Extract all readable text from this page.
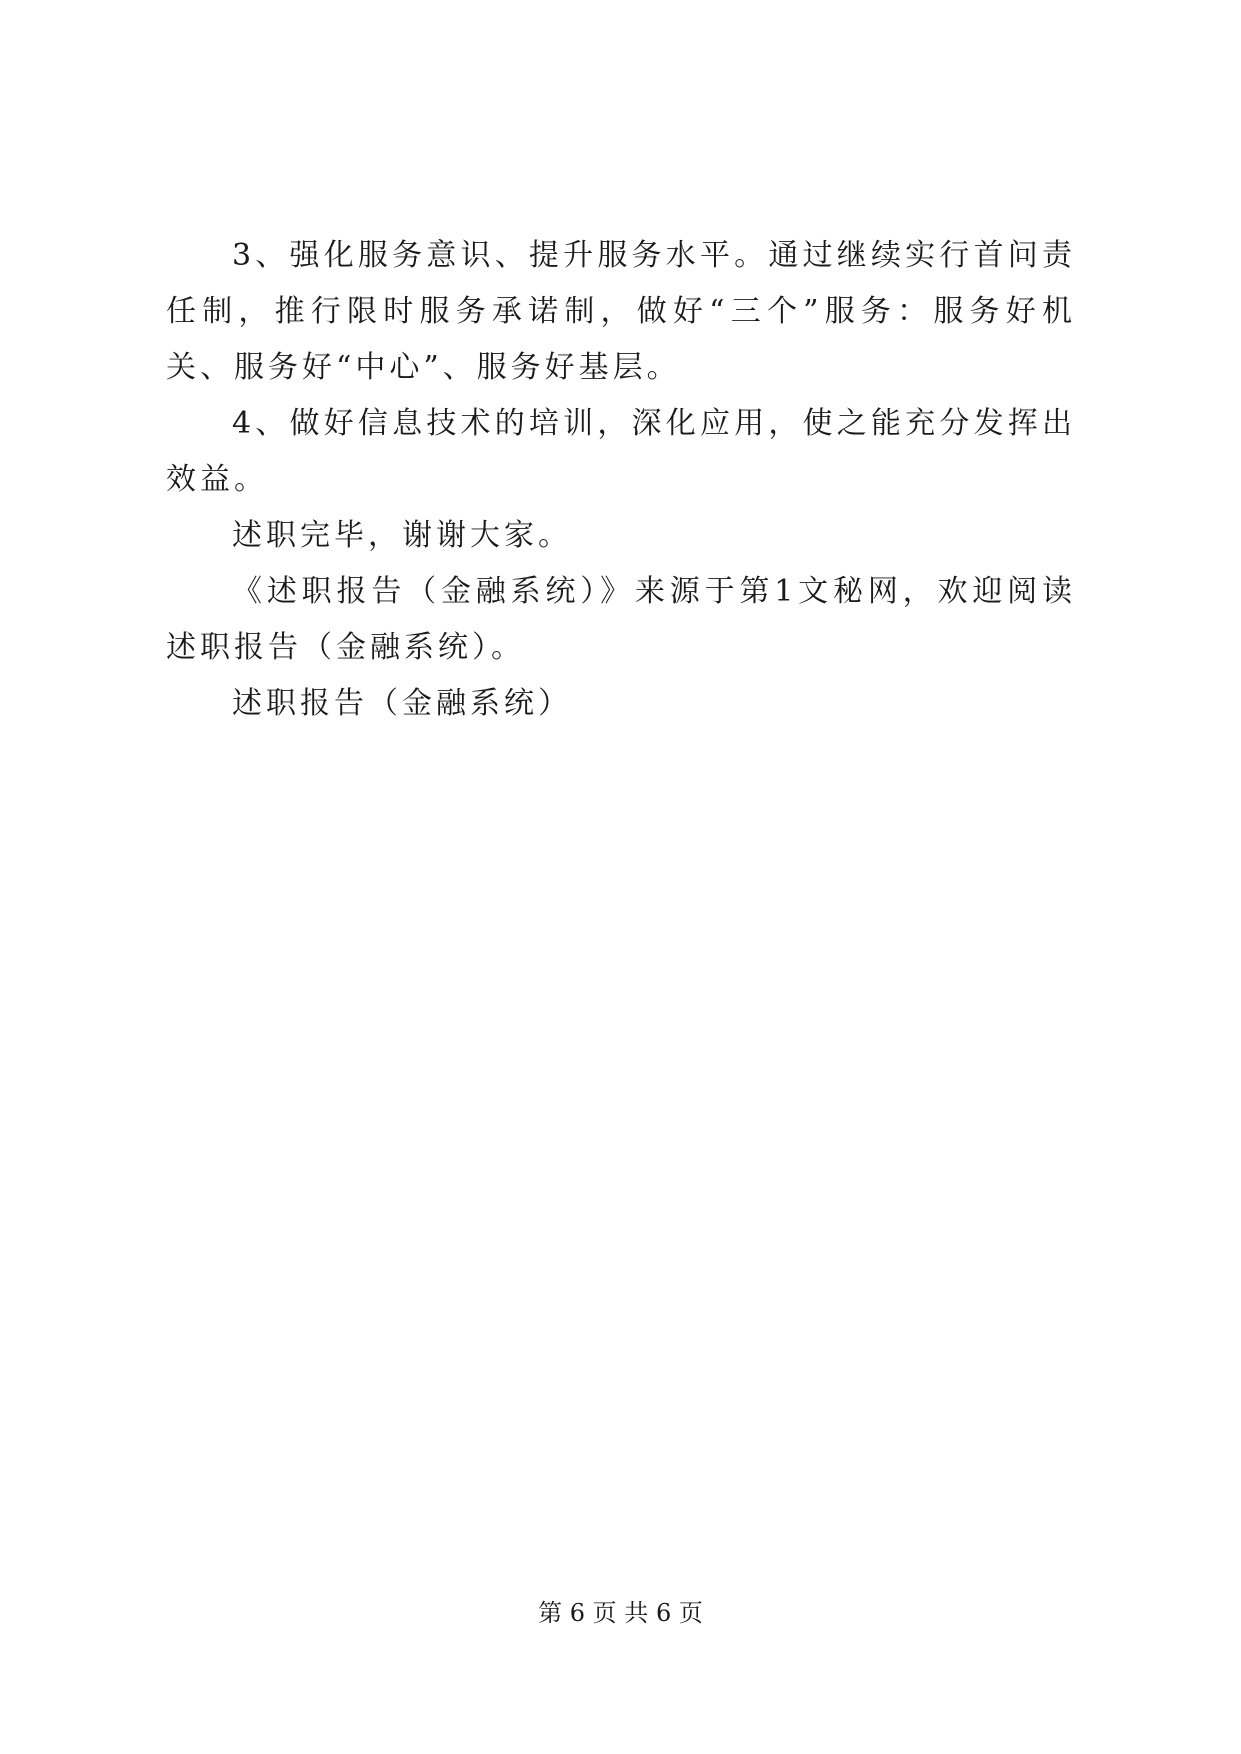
3、强化服务意识、提升服务水平。通过继续实行首问责任制，推行限时服务承诺制，做好“三个”服务：服务好机关、服务好“中心”、服务好基层。

4、做好信息技术的培训，深化应用，使之能充分发挥出效益。

述职完毕，谢谢大家。

《述职报告（金融系统）》来源于第1文秘网，欢迎阅读述职报告（金融系统）。

述职报告（金融系统）

第 6 页 共 6 页
